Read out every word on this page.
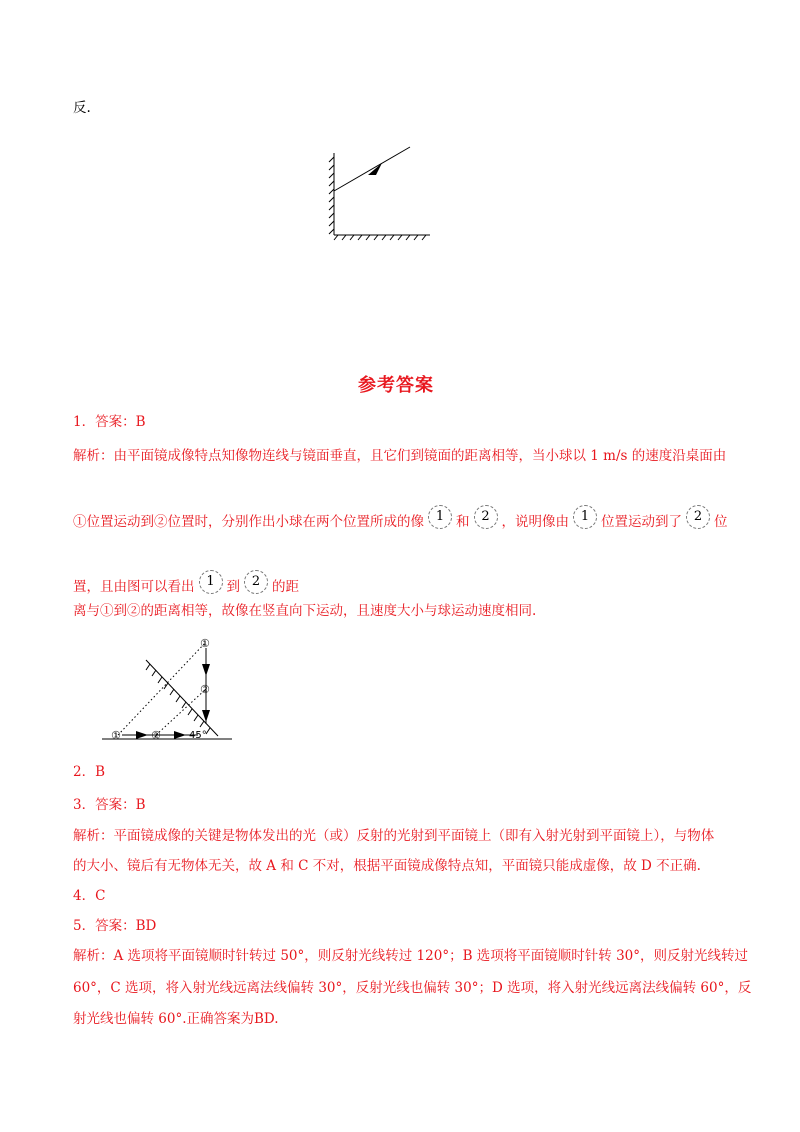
反.
参考答案
1．答案：B
解析：由平面镜成像特点知像物连线与镜面垂直，且它们到镜面的距离相等，当小球以 1 m/s 的速度沿桌面由
①位置运动到②位置时，分别作出小球在两个位置所成的像 1 和 2 ，说明像由 1 位置运动到了 2 位
置，且由图可以看出 1 到 2 的距
离与①到②的距离相等，故像在竖直向下运动，且速度大小与球运动速度相同.
①	②	45°
①
②
2．B
3．答案：B
解析：平面镜成像的关键是物体发出的光（或）反射的光射到平面镜上（即有入射光射到平面镜上），与物体
的大小、镜后有无物体无关，故 A 和 C 不对，根据平面镜成像特点知，平面镜只能成虚像，故 D 不正确.
4．C
5．答案：BD
解析：A 选项将平面镜顺时针转过 50°，则反射光线转过 120°；B 选项将平面镜顺时针转 30°，则反射光线转过
60°，C 选项，将入射光线远离法线偏转 30°，反射光线也偏转 30°；D 选项，将入射光线远离法线偏转 60°，反
射光线也偏转 60°.正确答案为BD.
